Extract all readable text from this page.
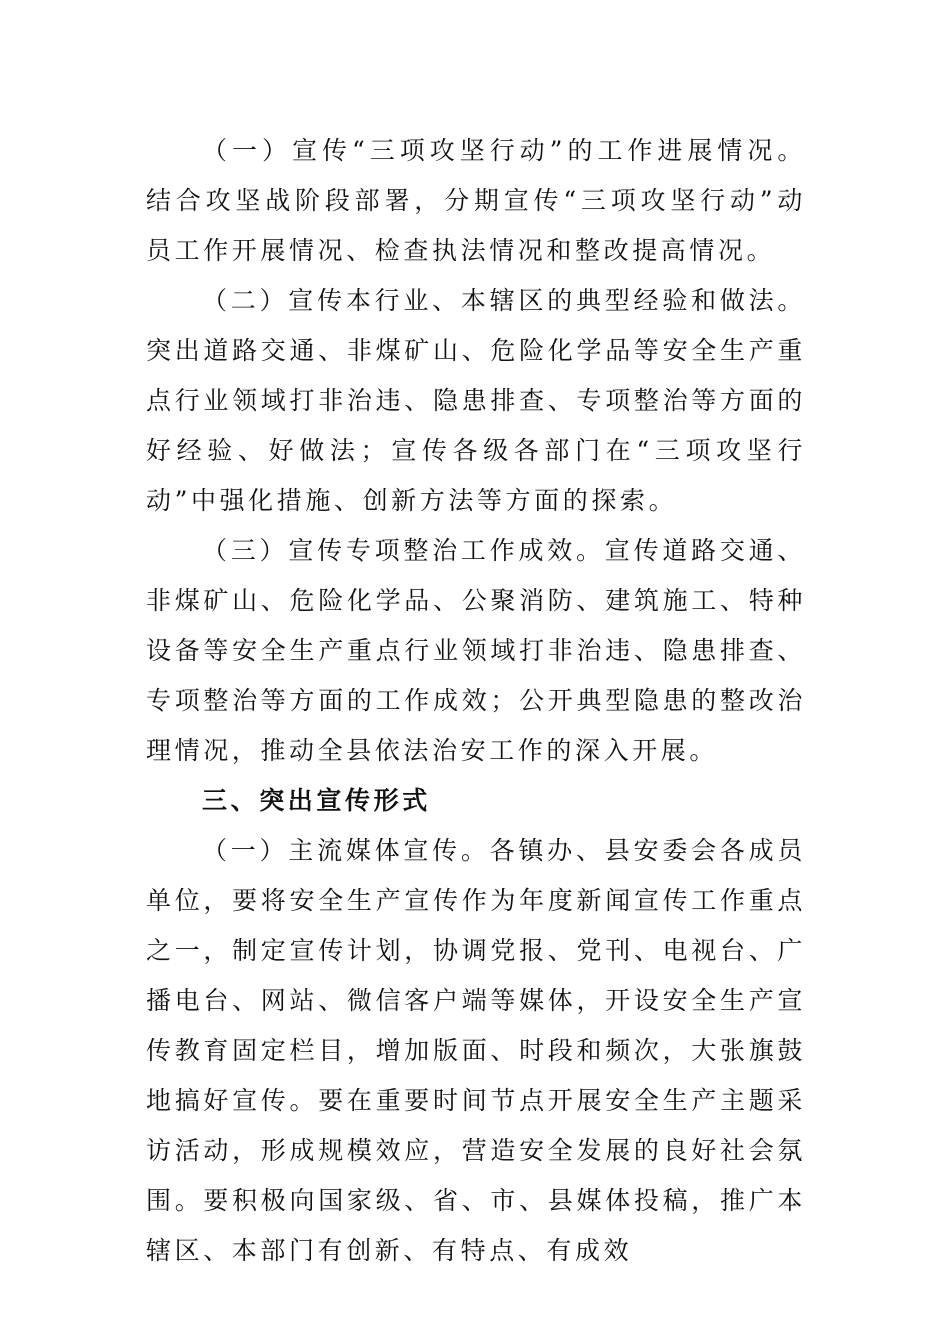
（一）宣传“三项攻坚行动”的工作进展情况。结合攻坚战阶段部署，分期宣传“三项攻坚行动”动员工作开展情况、检查执法情况和整改提高情况。

（二）宣传本行业、本辖区的典型经验和做法。突出道路交通、非煤矿山、危险化学品等安全生产重点行业领域打非治违、隐患排查、专项整治等方面的好经验、好做法；宣传各级各部门在“三项攻坚行动”中强化措施、创新方法等方面的探索。

（三）宣传专项整治工作成效。宣传道路交通、非煤矿山、危险化学品、公聚消防、建筑施工、特种设备等安全生产重点行业领域打非治违、隐患排查、专项整治等方面的工作成效；公开典型隐患的整改治理情况，推动全县依法治安工作的深入开展。

三、突出宣传形式

（一）主流媒体宣传。各镇办、县安委会各成员单位，要将安全生产宣传作为年度新闻宣传工作重点之一，制定宣传计划，协调党报、党刊、电视台、广播电台、网站、微信客户端等媒体，开设安全生产宣传教育固定栏目，增加版面、时段和频次，大张旗鼓地搞好宣传。要在重要时间节点开展安全生产主题采访活动，形成规模效应，营造安全发展的良好社会氛围。要积极向国家级、省、市、县媒体投稿，推广本辖区、本部门有创新、有特点、有成效
